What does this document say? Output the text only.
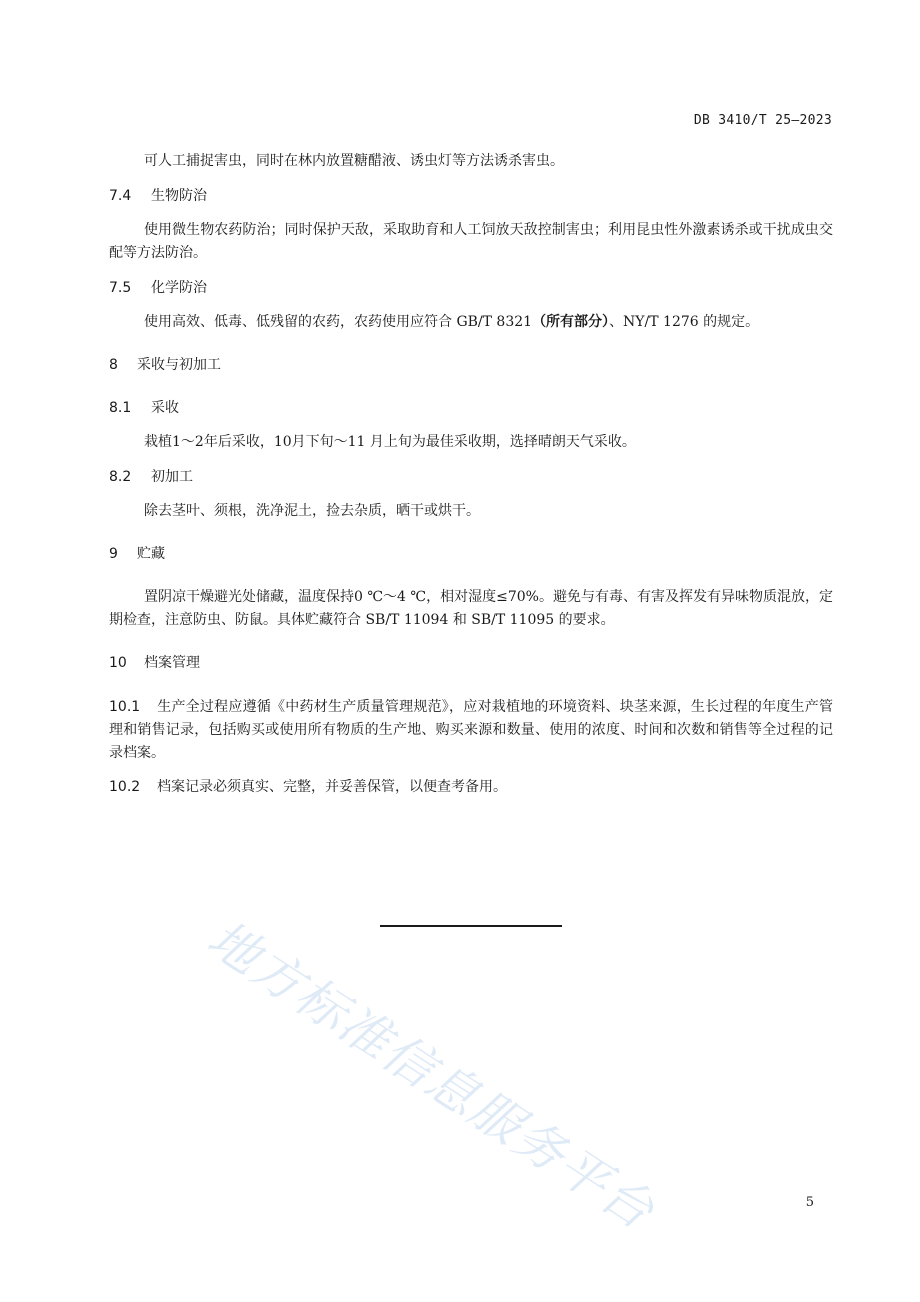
DB 3410/T 25—2023

可人工捕捉害虫，同时在林内放置糖醋液、诱虫灯等方法诱杀害虫。

7.4 生物防治

使用微生物农药防治；同时保护天敌，采取助育和人工饲放天敌控制害虫；利用昆虫性外激素诱杀或干扰成虫交配等方法防治。

7.5 化学防治

使用高效、低毒、低残留的农药，农药使用应符合 GB/T 8321（所有部分）、NY/T 1276 的规定。

8 采收与初加工
8.1 采收

栽植1～2年后采收，10月下旬～11 月上旬为最佳采收期，选择晴朗天气采收。

8.2 初加工

除去茎叶、须根，洗净泥土，捡去杂质，晒干或烘干。

9 贮藏

置阴凉干燥避光处储藏，温度保持0 ℃～4 ℃，相对湿度≤70%。避免与有毒、有害及挥发有异味物质混放，定期检查，注意防虫、防鼠。具体贮藏符合 SB/T 11094 和 SB/T 11095 的要求。

10 档案管理

10.1 生产全过程应遵循《中药材生产质量管理规范》，应对栽植地的环境资料、块茎来源，生长过程的年度生产管理和销售记录，包括购买或使用所有物质的生产地、购买来源和数量、使用的浓度、时间和次数和销售等全过程的记录档案。

10.2 档案记录必须真实、完整，并妥善保管，以便查考备用。

地方标准信息服务平台	5
